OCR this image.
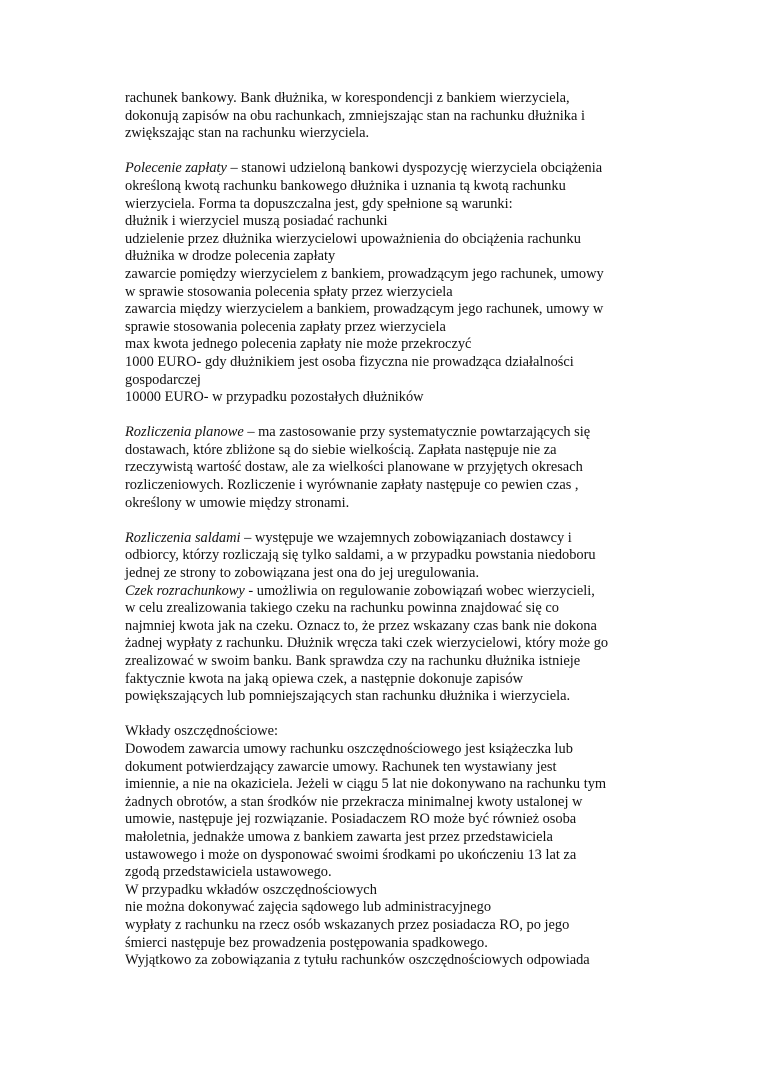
rachunek bankowy. Bank dłużnika, w korespondencji z bankiem wierzyciela,
dokonują zapisów na obu rachunkach, zmniejszając stan na rachunku dłużnika i
zwiększając stan na rachunku wierzyciela.
Polecenie zapłaty – stanowi udzieloną bankowi dyspozycję wierzyciela obciążenia
określoną kwotą rachunku bankowego dłużnika i uznania tą kwotą rachunku
wierzyciela. Forma ta dopuszczalna jest, gdy spełnione są warunki:
dłużnik i wierzyciel muszą posiadać rachunki
udzielenie przez dłużnika wierzycielowi upoważnienia do obciążenia rachunku
dłużnika w drodze polecenia zapłaty
zawarcie pomiędzy wierzycielem z bankiem, prowadzącym jego rachunek, umowy
w sprawie stosowania polecenia spłaty przez wierzyciela
zawarcia między wierzycielem a bankiem, prowadzącym jego rachunek, umowy w
sprawie stosowania polecenia zapłaty przez wierzyciela
max kwota jednego polecenia zapłaty nie może przekroczyć
1000 EURO- gdy dłużnikiem jest osoba fizyczna nie prowadząca działalności
gospodarczej
10000 EURO- w przypadku pozostałych dłużników
Rozliczenia planowe – ma zastosowanie przy systematycznie powtarzających się
dostawach, które zbliżone są do siebie wielkością. Zapłata następuje nie za
rzeczywistą wartość dostaw, ale za wielkości planowane w przyjętych okresach
rozliczeniowych. Rozliczenie i wyrównanie zapłaty następuje co pewien czas ,
określony w umowie między stronami.
Rozliczenia saldami – występuje we wzajemnych zobowiązaniach dostawcy i
odbiorcy, którzy rozliczają się tylko saldami, a w przypadku powstania niedoboru
jednej ze strony to zobowiązana jest ona do jej uregulowania.
Czek rozrachunkowy - umożliwia on regulowanie zobowiązań wobec wierzycieli,
w celu zrealizowania takiego czeku na rachunku powinna znajdować się co
najmniej kwota jak na czeku. Oznacz to, że przez wskazany czas bank nie dokona
żadnej wypłaty z rachunku. Dłużnik wręcza taki czek wierzycielowi, który może go
zrealizować w swoim banku. Bank sprawdza czy na rachunku dłużnika istnieje
faktycznie kwota na jaką opiewa czek, a następnie dokonuje zapisów
powiększających lub pomniejszających stan rachunku dłużnika i wierzyciela.
Wkłady oszczędnościowe:
Dowodem zawarcia umowy rachunku oszczędnościowego jest książeczka lub
dokument potwierdzający zawarcie umowy. Rachunek ten wystawiany jest
imiennie, a nie na okaziciela. Jeżeli w ciągu 5 lat nie dokonywano na rachunku tym
żadnych obrotów, a stan środków nie przekracza minimalnej kwoty ustalonej w
umowie, następuje jej rozwiązanie. Posiadaczem RO może być również osoba
małoletnia, jednakże umowa z bankiem zawarta jest przez przedstawiciela
ustawowego i może on dysponować swoimi środkami po ukończeniu 13 lat za
zgodą przedstawiciela ustawowego.
W przypadku wkładów oszczędnościowych
nie można dokonywać zajęcia sądowego lub administracyjnego
wypłaty z rachunku na rzecz osób wskazanych przez posiadacza RO, po jego
śmierci następuje bez prowadzenia postępowania spadkowego.
Wyjątkowo za zobowiązania z tytułu rachunków oszczędnościowych odpowiada
